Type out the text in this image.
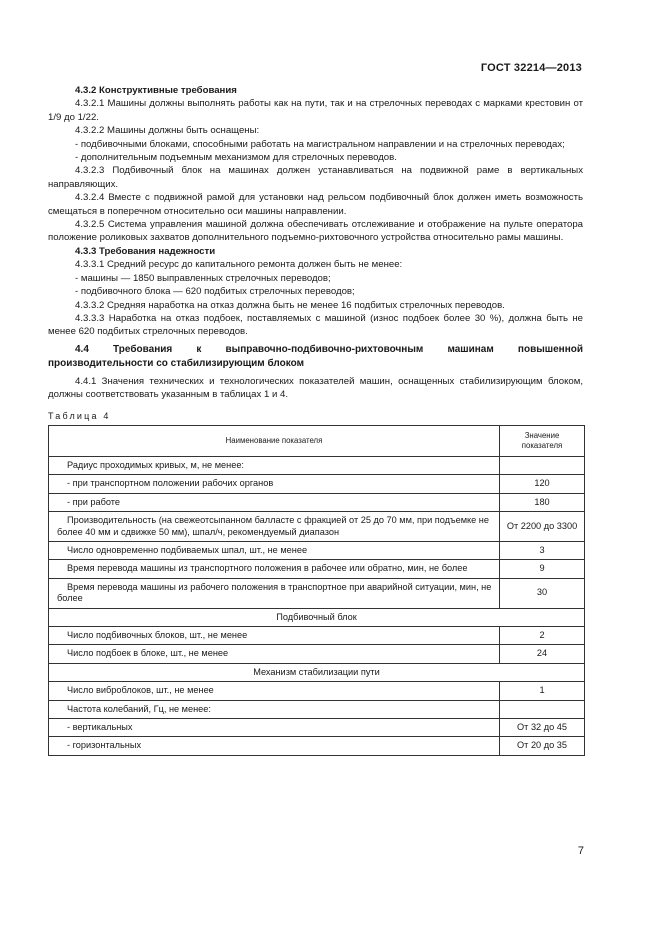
ГОСТ 32214—2013

4.3.2 Конструктивные требования

4.3.2.1 Машины должны выполнять работы как на пути, так и на стрелочных переводах с марками крестовин от 1/9 до 1/22.

4.3.2.2 Машины должны быть оснащены:

- подбивочными блоками, способными работать на магистральном направлении и на стрелочных переводах;

- дополнительным подъемным механизмом для стрелочных переводов.

4.3.2.3 Подбивочный блок на машинах должен устанавливаться на подвижной раме в вертикальных направляющих.

4.3.2.4 Вместе с подвижной рамой для установки над рельсом подбивочный блок должен иметь возможность смещаться в поперечном относительно оси машины направлении.

4.3.2.5 Система управления машиной должна обеспечивать отслеживание и отображение на пульте оператора положение роликовых захватов дополнительного подъемно-рихтовочного устройства относительно рамы машины.

4.3.3 Требования надежности

4.3.3.1 Средний ресурс до капитального ремонта должен быть не менее:

- машины — 1850 выправленных стрелочных переводов;

- подбивочного блока — 620 подбитых стрелочных переводов;

4.3.3.2 Средняя наработка на отказ должна быть не менее 16 подбитых стрелочных переводов.

4.3.3.3 Наработка на отказ подбоек, поставляемых с машиной (износ подбоек более 30 %), должна быть не менее 620 подбитых стрелочных переводов.

4.4 Требования к выправочно-подбивочно-рихтовочным машинам повышенной производительности со стабилизирующим блоком

4.4.1 Значения технических и технологических показателей машин, оснащенных стабилизирующим блоком, должны соответствовать указанным в таблицах 1 и 4.

Таблица 4

Наименование показателя	Значение показателя
Радиус проходимых кривых, м, не менее:	
- при транспортном положении рабочих органов	120
- при работе	180
Производительность (на свежеотсыпанном балласте с фракцией от 25 до 70 мм, при подъемке не более 40 мм и сдвижке 50 мм), шпал/ч, рекомендуемый диапазон	От 2200 до 3300
Число одновременно подбиваемых шпал, шт., не менее	3
Время перевода машины из транспортного положения в рабочее или обратно, мин, не более	9
Время перевода машины из рабочего положения в транспортное при аварийной ситуации, мин, не более	30
Подбивочный блок	
Число подбивочных блоков, шт., не менее	2
Число подбоек в блоке, шт., не менее	24
Механизм стабилизации пути	
Число виброблоков, шт., не менее	1
Частота колебаний, Гц, не менее:	
- вертикальных	От 32 до 45
- горизонтальных	От 20 до 35
7
